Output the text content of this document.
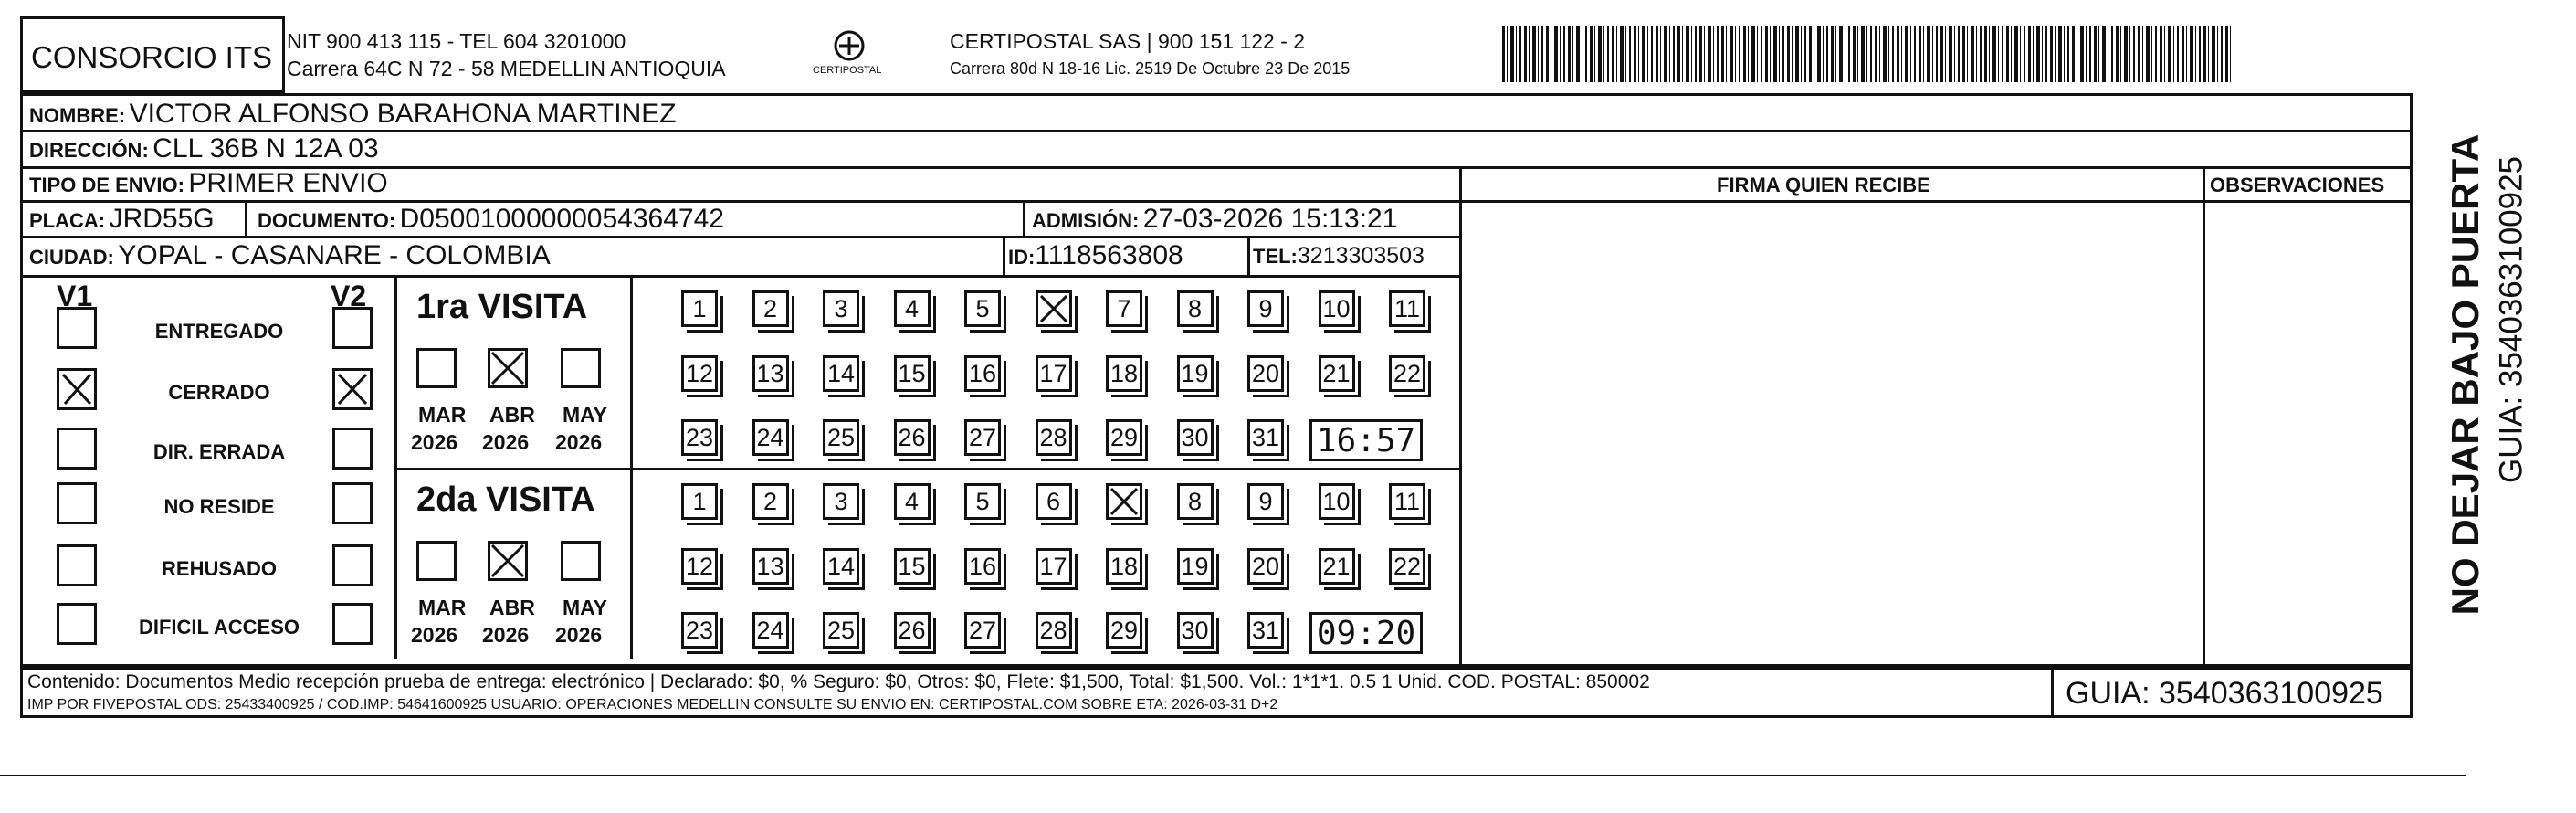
CONSORCIO ITS NIT 900 413 115 - TEL 604 3201000
Carrera 64C N 72 - 58 MEDELLIN ANTIOQUIA	CERTIPOSTAL
CERTIPOSTAL SAS | 900 151 122 - 2
Carrera 80d N 18-16 Lic. 2519 De Octubre 23 De 2015
NOMBRE: VICTOR ALFONSO BARAHONA MARTINEZ
DIRECCIÓN: CLL 36B N 12A 03
TIPO DE ENVIO: PRIMER ENVIO	FIRMA QUIEN RECIBE	OBSERVACIONES
PLACA: JRD55G DOCUMENTO: D05001000000054364742	ADMISIÓN: 27-03-2026 15:13:21
CIUDAD: YOPAL - CASANARE - COLOMBIA	ID:1118563808	TEL:3213303503
V1	V2
ENTREGADO
CERRADO
DIR. ERRADA
NO RESIDE
REHUSADO
DIFICIL ACCESO
1ra VISITA
MAR
2026
ABR
2026
MAY
2026
1 2 3 4 5	7 8 9 10 11
12 13 14 15 16 17 18 19 20 21 22
23 24 25 26 27 28 29 30 31 16:57
2da VISITA
MAR
2026
ABR
2026
MAY
2026
1 2 3 4 5 6	8 9 10 11
12 13 14 15 16 17 18 19 20 21 22
23 24 25 26 27 28 29 30 31 09:20
NO DEJAR BAJO PUERTA GUIA: 3540363100925
Contenido: Documentos Medio recepción prueba de entrega: electrónico | Declarado: $0, % Seguro: $0, Otros: $0, Flete: $1,500, Total: $1,500. Vol.: 1*1*1. 0.5 1 Unid. COD. POSTAL: 850002
IMP POR FIVEPOSTAL ODS: 25433400925 / COD.IMP: 54641600925 USUARIO: OPERACIONES MEDELLIN CONSULTE SU ENVIO EN: CERTIPOSTAL.COM SOBRE ETA: 2026-03-31 D+2	GUIA: 3540363100925
